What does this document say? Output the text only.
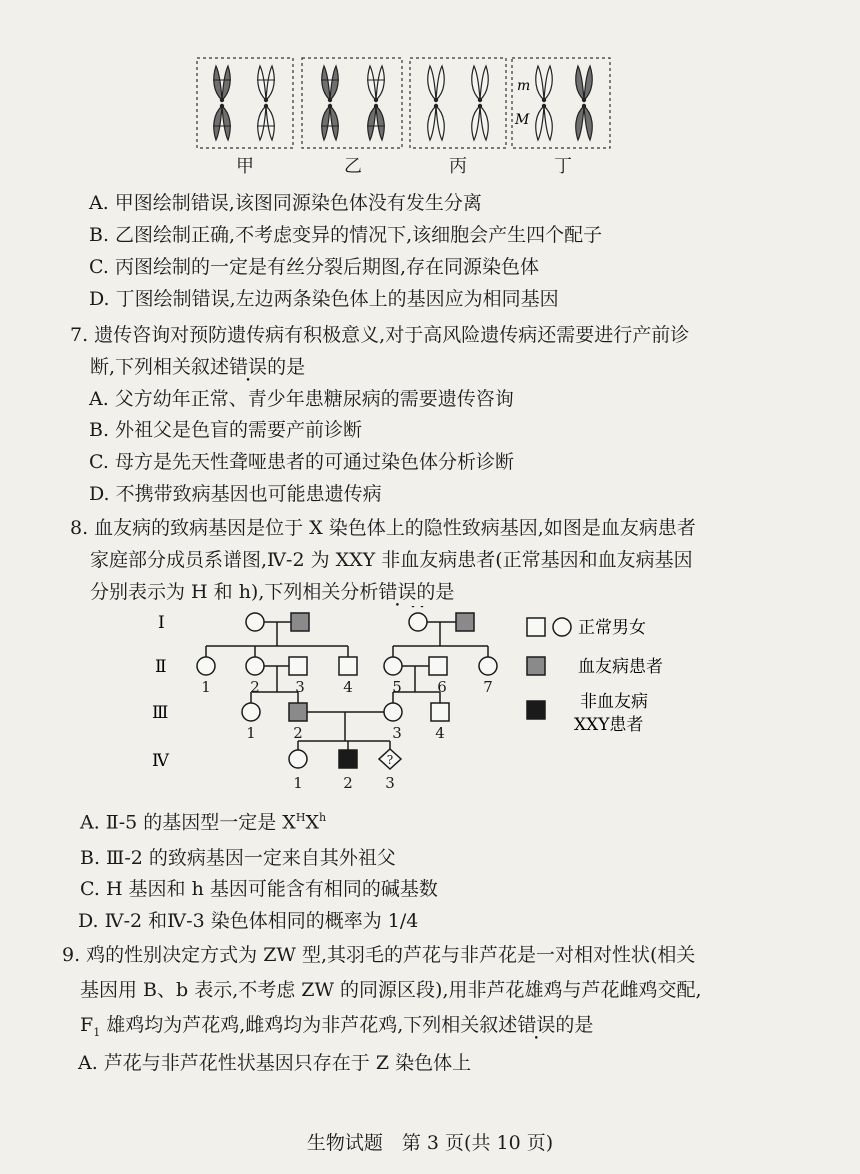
m
M
甲	乙	丙	丁
A. 甲图绘制错误,该图同源染色体没有发生分离
B. 乙图绘制正确,不考虑变异的情况下,该细胞会产生四个配子
C. 丙图绘制的一定是有丝分裂后期图,存在同源染色体
D. 丁图绘制错误,左边两条染色体上的基因应为相同基因
7. 遗传咨询对预防遗传病有积极意义,对于高风险遗传病还需要进行产前诊
断,下列相关叙述错误的是
A. 父方幼年正常、青少年患糖尿病的需要遗传咨询
B. 外祖父是色盲的需要产前诊断
C. 母方是先天性聋哑患者的可通过染色体分析诊断
D. 不携带致病基因也可能患遗传病
8. 血友病的致病基因是位于 X 染色体上的隐性致病基因,如图是血友病患者
家庭部分成员系谱图,Ⅳ-2 为 XXY 非血友病患者(正常基因和血友病基因
分别表示为 H 和 h),下列相关分析错误的是
Ⅰ
Ⅱ
Ⅲ
Ⅳ
1	2 3	4	5 6 7
1 2	3 4
1	2 3
?
正常男女
血友病患者
非血友病
XXY患者
A. Ⅱ-5 的基因型一定是 $X^HX^h$
B. Ⅲ-2 的致病基因一定来自其外祖父
C. H 基因和 h 基因可能含有相同的碱基数
D. Ⅳ-2 和Ⅳ-3 染色体相同的概率为 1/4
9. 鸡的性别决定方式为 ZW 型,其羽毛的芦花与非芦花是一对相对性状(相关
基因用 B、b 表示,不考虑 ZW 的同源区段),用非芦花雄鸡与芦花雌鸡交配,
$F_1$ 雄鸡均为芦花鸡,雌鸡均为非芦花鸡,下列相关叙述错误的是
A. 芦花与非芦花性状基因只存在于 Z 染色体上
生物试题　第 3 页(共 10 页)
